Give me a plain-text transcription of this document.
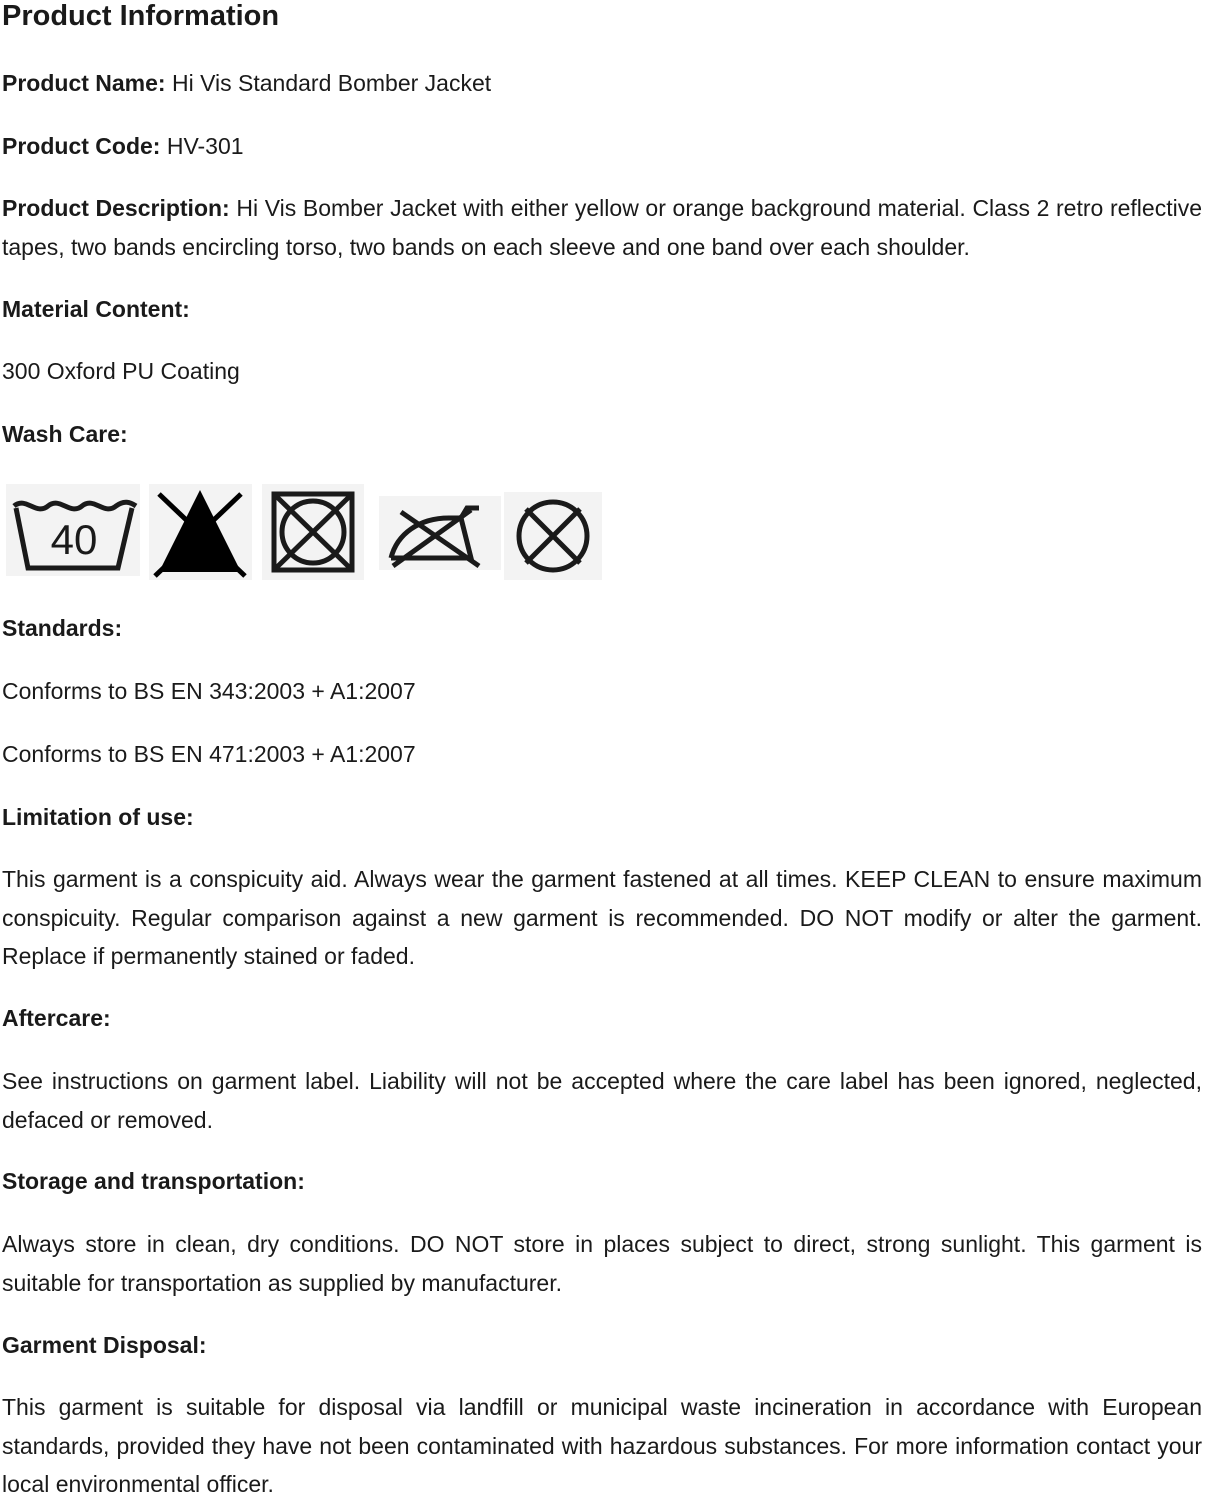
Product Information

Product Name: Hi Vis Standard Bomber Jacket

Product Code: HV-301

Product Description: Hi Vis Bomber Jacket with either yellow or orange background material. Class 2 retro reflective tapes, two bands encircling torso, two bands on each sleeve and one band over each shoulder.

Material Content:

300 Oxford PU Coating

Wash Care:

40

Standards:

Conforms to BS EN 343:2003 + A1:2007

Conforms to BS EN 471:2003 + A1:2007

Limitation of use:

This garment is a conspicuity aid. Always wear the garment fastened at all times. KEEP CLEAN to ensure maximum conspicuity. Regular comparison against a new garment is recommended. DO NOT modify or alter the garment. Replace if permanently stained or faded.

Aftercare:

See instructions on garment label. Liability will not be accepted where the care label has been ignored, neglected, defaced or removed.

Storage and transportation:

Always store in clean, dry conditions. DO NOT store in places subject to direct, strong sunlight. This garment is suitable for transportation as supplied by manufacturer.

Garment Disposal:

This garment is suitable for disposal via landfill or municipal waste incineration in accordance with European standards, provided they have not been contaminated with hazardous substances. For more information contact your local environmental officer.
